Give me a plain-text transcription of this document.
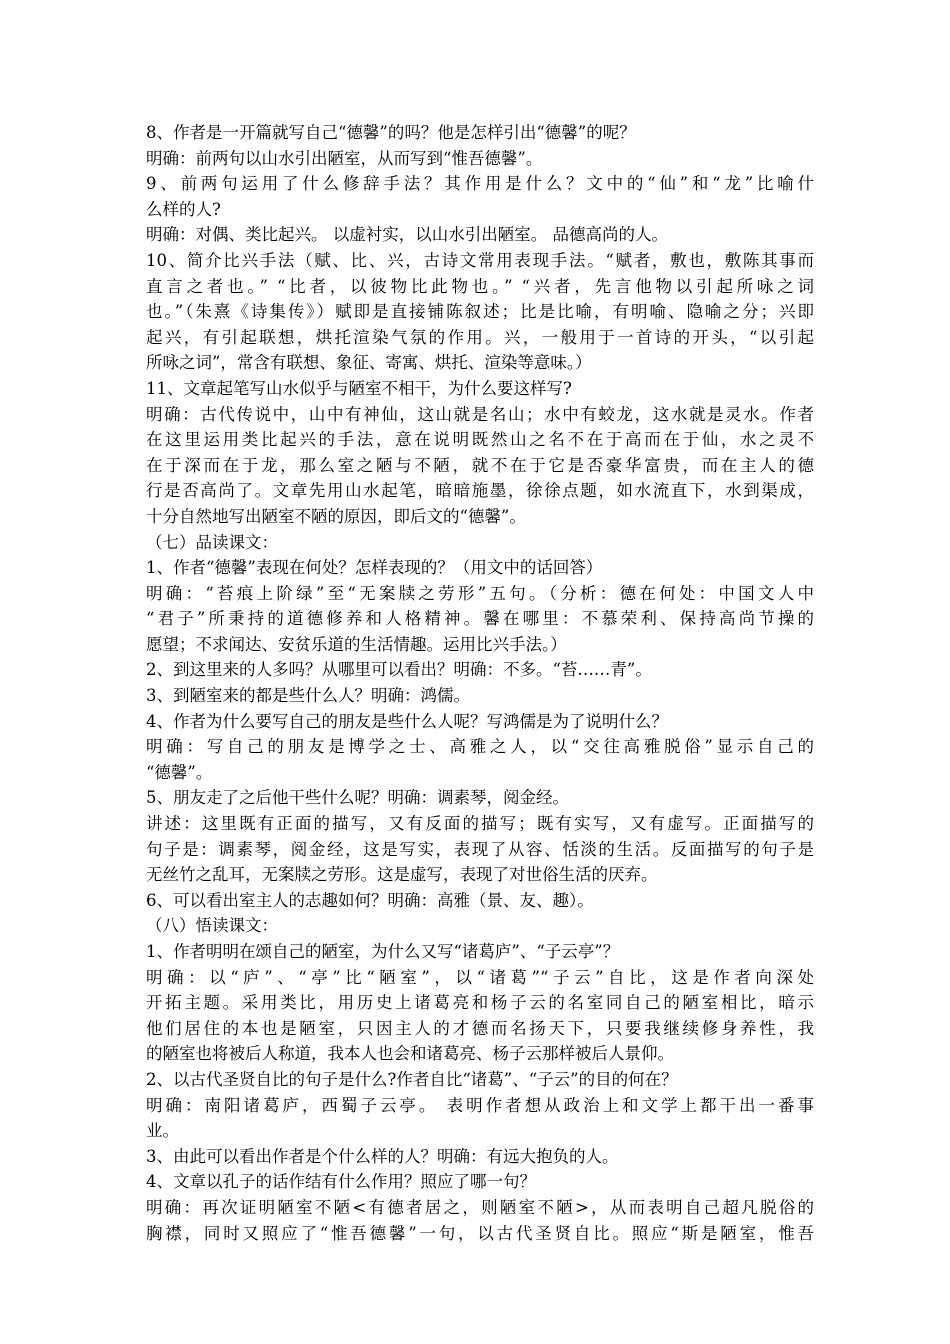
8、作者是一开篇就写自己“德馨”的吗？他是怎样引出“德馨”的呢？
明确：前两句以山水引出陋室，从而写到“惟吾德馨”。
9、前两句运用了什么修辞手法？其作用是什么？文中的“仙”和“龙”比喻什
么样的人?
明确：对偶、类比起兴。 以虚衬实，以山水引出陋室。 品德高尚的人。
10、简介比兴手法（赋、比、兴，古诗文常用表现手法。“赋者，敷也，敷陈其事而
直言之者也。” “比者，以彼物比此物也。” “兴者，先言他物以引起所咏之词
也。”（朱熹《诗集传》）赋即是直接铺陈叙述；比是比喻，有明喻、隐喻之分；兴即
起兴，有引起联想，烘托渲染气氛的作用。兴，一般用于一首诗的开头，“以引起
所咏之词”，常含有联想、象征、寄寓、烘托、渲染等意味。）
11、文章起笔写山水似乎与陋室不相干，为什么要这样写?
明确：古代传说中，山中有神仙，这山就是名山；水中有蛟龙，这水就是灵水。作者
在这里运用类比起兴的手法，意在说明既然山之名不在于高而在于仙，水之灵不
在于深而在于龙，那么室之陋与不陋，就不在于它是否豪华富贵，而在主人的德
行是否高尚了。文章先用山水起笔，暗暗施墨，徐徐点题，如水流直下，水到渠成，
十分自然地写出陋室不陋的原因，即后文的“德馨”。
（七）品读课文：
1、作者“德馨”表现在何处？怎样表现的？（用文中的话回答）
明确：“苔痕上阶绿”至“无案牍之劳形”五句。（分析：德在何处：中国文人中
“君子”所秉持的道德修养和人格精神。馨在哪里：不慕荣利、保持高尚节操的
愿望；不求闻达、安贫乐道的生活情趣。运用比兴手法。）
2、到这里来的人多吗？从哪里可以看出？明确：不多。“苔……青”。
3、到陋室来的都是些什么人？明确：鸿儒。
4、作者为什么要写自己的朋友是些什么人呢？写鸿儒是为了说明什么？
明确：写自己的朋友是博学之士、高雅之人，以“交往高雅脱俗”显示自己的
“德馨”。
5、朋友走了之后他干些什么呢？明确：调素琴，阅金经。
讲述：这里既有正面的描写，又有反面的描写；既有实写，又有虚写。正面描写的
句子是：调素琴，阅金经，这是写实，表现了从容、恬淡的生活。反面描写的句子是
无丝竹之乱耳，无案牍之劳形。这是虚写，表现了对世俗生活的厌弃。
6、可以看出室主人的志趣如何？明确：高雅（景、友、趣）。
（八）悟读课文：
1、作者明明在颂自己的陋室，为什么又写“诸葛庐”、“子云亭”？
明确：以“庐”、“亭”比“陋室”，以“诸葛”“子云”自比，这是作者向深处
开拓主题。采用类比，用历史上诸葛亮和杨子云的名室同自己的陋室相比，暗示
他们居住的本也是陋室，只因主人的才德而名扬天下，只要我继续修身养性，我
的陋室也将被后人称道，我本人也会和诸葛亮、杨子云那样被后人景仰。
2、以古代圣贤自比的句子是什么?作者自比“诸葛”、“子云”的目的何在？
明确：南阳诸葛庐，西蜀子云亭。 表明作者想从政治上和文学上都干出一番事
业。
3、由此可以看出作者是个什么样的人？明确：有远大抱负的人。
4、文章以孔子的话作结有什么作用？照应了哪一句？
明确：再次证明陋室不陋<有德者居之，则陋室不陋>，从而表明自己超凡脱俗的
胸襟，同时又照应了“惟吾德馨”一句，以古代圣贤自比。照应“斯是陋室，惟吾
